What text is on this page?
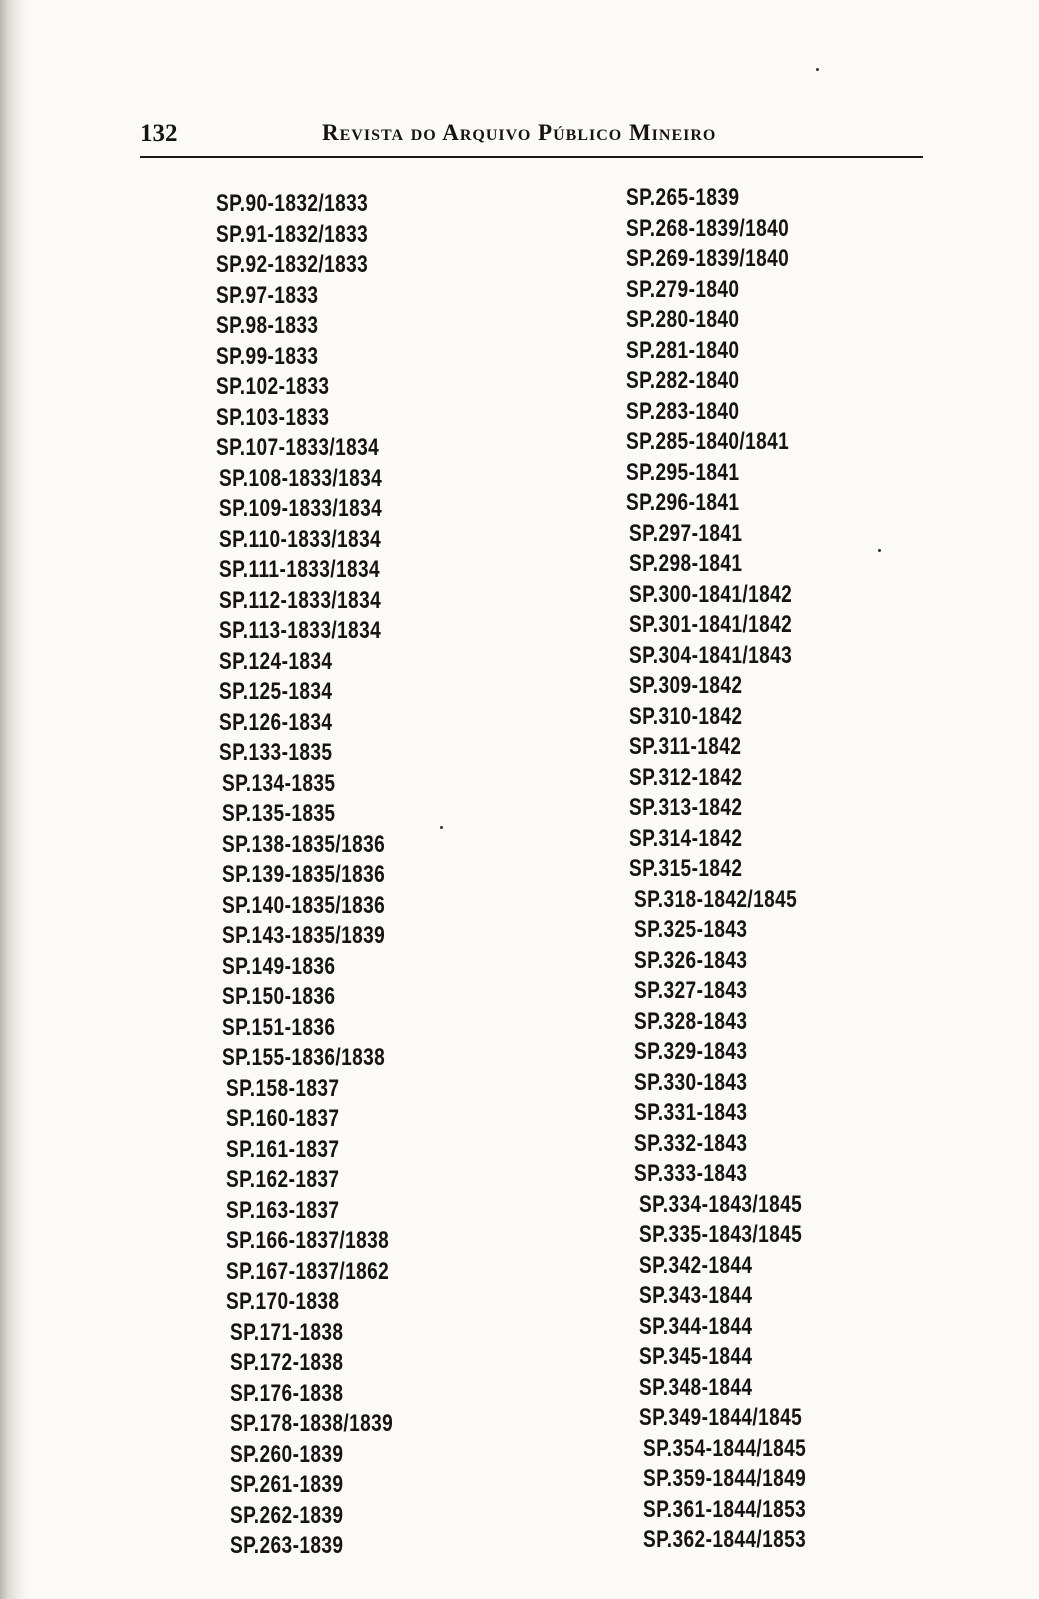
132	Revista do Arquivo Público Mineiro
SP.90-1832/1833
SP.91-1832/1833
SP.92-1832/1833
SP.97-1833
SP.98-1833
SP.99-1833
SP.102-1833
SP.103-1833
SP.107-1833/1834
SP.108-1833/1834
SP.109-1833/1834
SP.110-1833/1834
SP.111-1833/1834
SP.112-1833/1834
SP.113-1833/1834
SP.124-1834
SP.125-1834
SP.126-1834
SP.133-1835
SP.134-1835
SP.135-1835
SP.138-1835/1836
SP.139-1835/1836
SP.140-1835/1836
SP.143-1835/1839
SP.149-1836
SP.150-1836
SP.151-1836
SP.155-1836/1838
SP.158-1837
SP.160-1837
SP.161-1837
SP.162-1837
SP.163-1837
SP.166-1837/1838
SP.167-1837/1862
SP.170-1838
SP.171-1838
SP.172-1838
SP.176-1838
SP.178-1838/1839
SP.260-1839
SP.261-1839
SP.262-1839
SP.263-1839
SP.265-1839
SP.268-1839/1840
SP.269-1839/1840
SP.279-1840
SP.280-1840
SP.281-1840
SP.282-1840
SP.283-1840
SP.285-1840/1841
SP.295-1841
SP.296-1841
SP.297-1841
SP.298-1841
SP.300-1841/1842
SP.301-1841/1842
SP.304-1841/1843
SP.309-1842
SP.310-1842
SP.311-1842
SP.312-1842
SP.313-1842
SP.314-1842
SP.315-1842
SP.318-1842/1845
SP.325-1843
SP.326-1843
SP.327-1843
SP.328-1843
SP.329-1843
SP.330-1843
SP.331-1843
SP.332-1843
SP.333-1843
SP.334-1843/1845
SP.335-1843/1845
SP.342-1844
SP.343-1844
SP.344-1844
SP.345-1844
SP.348-1844
SP.349-1844/1845
SP.354-1844/1845
SP.359-1844/1849
SP.361-1844/1853
SP.362-1844/1853
